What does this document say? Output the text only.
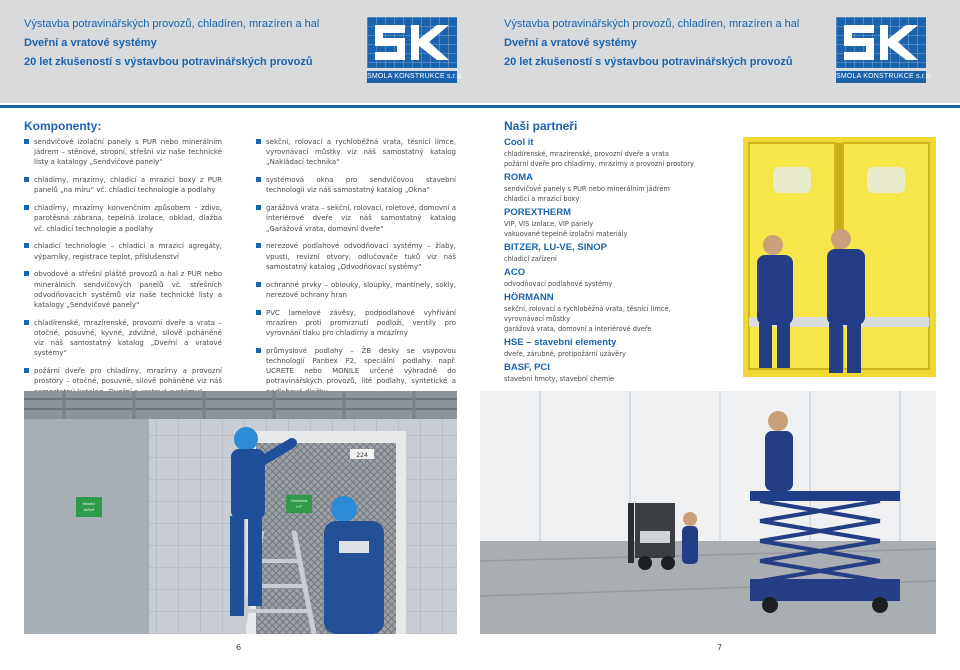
Výstavba potravinářských provozů, chladíren, mrazíren a hal
Dveřní a vratové systémy
20 let zkušeností s výstavbou potravinářských provozů
SMOLA KONSTRUKCE s.r.o.
Komponenty:
sendvičové izolační panely s PUR nebo minerálním jádrem – stěnové, stropní, střešní viz naše technické listy a katalogy „Sendvičové panely“
chladírny, mrazírny, chladicí a mrazicí boxy z PUR panelů „na míru“ vč. chladicí technologie a podlahy
chladírny, mrazírny konvenčním způsobem - zdivo, parotěsná zábrana, tepelná izolace, obklad, dlažba vč. chladicí technologie a podlahy
chladicí technologie – chladicí a mrazicí agregáty, výparníky, registrace teplot, příslušenství
obvodové a střešní pláště provozů a hal z PUR nebo minerálních sendvičových panelů vč. střešních odvodňovacích systémů viz naše technické listy a katalogy „Sendvičové panely“
chladírenské, mrazírenské, provozní dveře a vrata – otočné, posuvné, kyvné, zdvižné, silově poháněné viz náš samostatný katalog „Dveřní a vratové systémy“
požární dveře pro chladírny, mrazírny a provozní prostory – otočné, posuvné, silově poháněné viz náš
sekční, rolovací a rychloběžná vrata, těsnicí límce, vyrovnávací můstky viz náš samostatný katalog „Nakládací technika“
systémová okna pro sendvičovou stavební technologii viz náš samostatný katalog „Okna“
garážová vrata – sekční, rolovací, roletové, domovní a interiérové dveře viz náš samostatný katalog „Garážová vrata, domovní dveře“
nerezové podlahové odvodňovací systémy – žlaby, vpusti, revizní otvory, odlučovače tuků viz náš samostatný katalog „Odvodňovací systémy“
ochranné prvky – oblouky, sloupky, mantinely, sokly, nerezové ochrany hran
PVC lamelové závěsy, podpodlahové vyhřívání mrazíren proti promrznutí podloží, ventily pro vyrovnání tlaku pro chladírny a mrazírny
průmyslové podlahy – ŽB desky se vsypovou technologií Panbex F2, speciální podlahy např. UCRETE nebo MONILE určené výhradně do potravinářských provozů, lité podlahy, syntetické a
224
Mrazící
skříně
Chladírna
+5°
6
Výstavba potravinářských provozů, chladíren, mrazíren a hal
Dveřní a vratové systémy
20 let zkušeností s výstavbou potravinářských provozů
SMOLA KONSTRUKCE s.r.o.
Naši partneři
Cool it
chladírenské, mrazírenské, provozní dveře a vrata
požární dveře pro chladírny, mrazírny a provozní prostory
ROMA
sendvičové panely s PUR nebo minerálním jádrem
chladicí a mrazicí boxy
POREXTHERM
VIP, VIS izolace, VIP panely
vakuované tepelně izolační materiály
BITZER, LU-VE, SINOP
chladicí zařízení
ACO
odvodňovací podlahové systémy
HÖRMANN
sekční, rolovací a rychloběžná vrata, těsnicí límce,
vyrovnávací můstky
garážová vrata, domovní a interiérové dveře
HSE – stavební elementy
dveře, zárubně, protipožární uzávěry
BASF, PCI
stavební hmoty, stavební chemie
7
